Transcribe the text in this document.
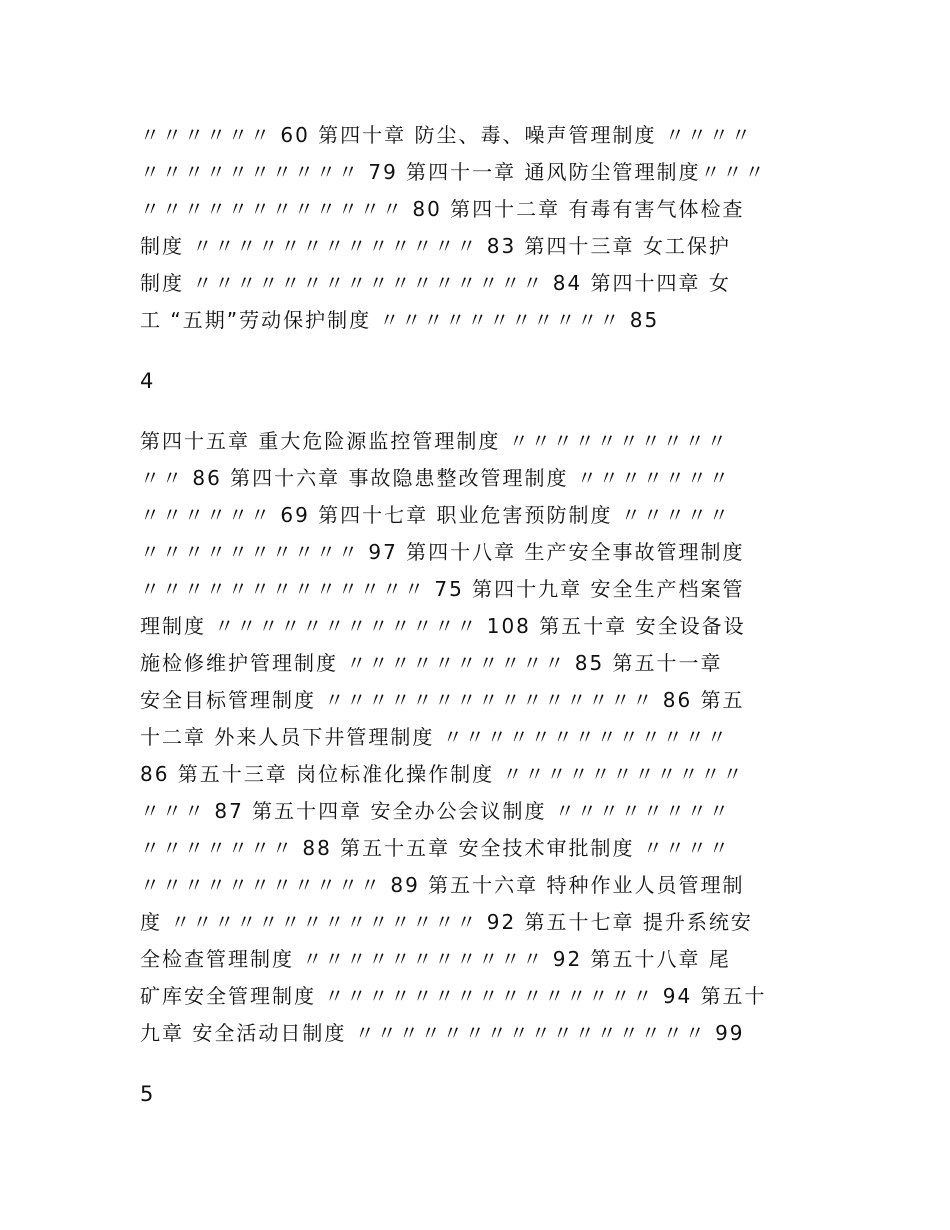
〃〃〃〃〃〃 60 第四十章 防尘、毒、噪声管理制度 〃〃〃〃
〃〃〃〃〃〃〃〃〃〃 79 第四十一章 通风防尘管理制度〃〃〃
〃〃〃〃〃〃〃〃〃〃〃〃 80 第四十二章 有毒有害气体检查
制度 〃〃〃〃〃〃〃〃〃〃〃〃〃 83 第四十三章 女工保护
制度 〃〃〃〃〃〃〃〃〃〃〃〃〃〃〃〃 84 第四十四章 女
工 “五期”劳动保护制度 〃〃〃〃〃〃〃〃〃〃〃 85
4
第四十五章 重大危险源监控管理制度 〃〃〃〃〃〃〃〃〃〃
〃〃 86 第四十六章 事故隐患整改管理制度 〃〃〃〃〃〃〃
〃〃〃〃〃〃 69 第四十七章 职业危害预防制度 〃〃〃〃〃
〃〃〃〃〃〃〃〃〃〃 97 第四十八章 生产安全事故管理制度
〃〃〃〃〃〃〃〃〃〃〃〃〃 75 第四十九章 安全生产档案管
理制度 〃〃〃〃〃〃〃〃〃〃〃〃 108 第五十章 安全设备设
施检修维护管理制度 〃〃〃〃〃〃〃〃〃〃 85 第五十一章
安全目标管理制度 〃〃〃〃〃〃〃〃〃〃〃〃〃〃〃 86 第五
十二章 外来人员下井管理制度 〃〃〃〃〃〃〃〃〃〃〃〃〃
86 第五十三章 岗位标准化操作制度 〃〃〃〃〃〃〃〃〃〃〃
〃〃〃 87 第五十四章 安全办公会议制度 〃〃〃〃〃〃〃〃
〃〃〃〃〃〃〃 88 第五十五章 安全技术审批制度 〃〃〃〃
〃〃〃〃〃〃〃〃〃〃〃 89 第五十六章 特种作业人员管理制
度 〃〃〃〃〃〃〃〃〃〃〃〃〃〃 92 第五十七章 提升系统安
全检查管理制度 〃〃〃〃〃〃〃〃〃〃〃 92 第五十八章 尾
矿库安全管理制度 〃〃〃〃〃〃〃〃〃〃〃〃〃〃〃 94 第五十
九章 安全活动日制度 〃〃〃〃〃〃〃〃〃〃〃〃〃〃〃〃 99
5
